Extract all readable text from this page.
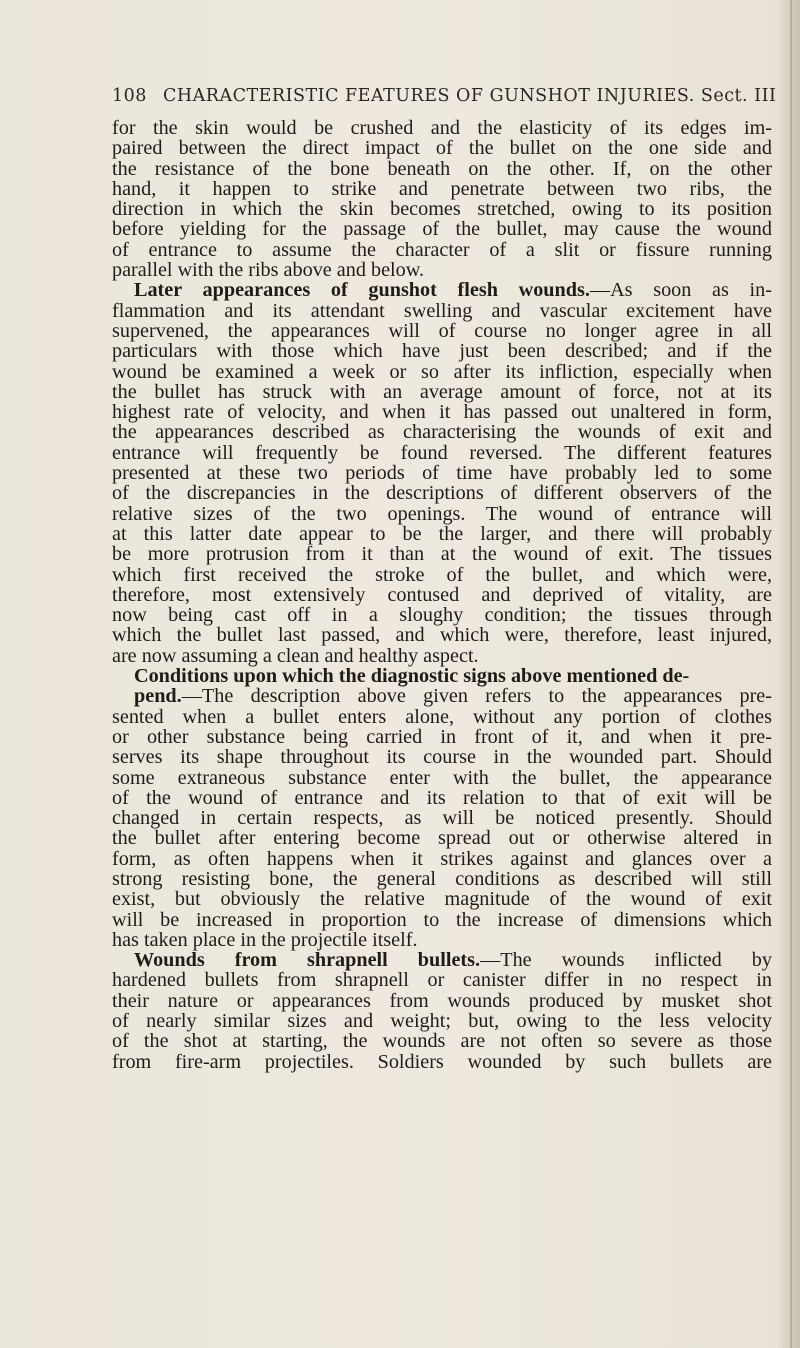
108 CHARACTERISTIC FEATURES OF GUNSHOT INJURIES. Sect. III
for the skin would be crushed and the elasticity of its edges im-
paired between the direct impact of the bullet on the one side and
the resistance of the bone beneath on the other. If, on the other
hand, it happen to strike and penetrate between two ribs, the
direction in which the skin becomes stretched, owing to its position
before yielding for the passage of the bullet, may cause the wound
of entrance to assume the character of a slit or fissure running
parallel with the ribs above and below.
Later appearances of gunshot flesh wounds.—As soon as in-
flammation and its attendant swelling and vascular excitement have
supervened, the appearances will of course no longer agree in all
particulars with those which have just been described; and if the
wound be examined a week or so after its infliction, especially when
the bullet has struck with an average amount of force, not at its
highest rate of velocity, and when it has passed out unaltered in form,
the appearances described as characterising the wounds of exit and
entrance will frequently be found reversed. The different features
presented at these two periods of time have probably led to some
of the discrepancies in the descriptions of different observers of the
relative sizes of the two openings. The wound of entrance will
at this latter date appear to be the larger, and there will probably
be more protrusion from it than at the wound of exit. The tissues
which first received the stroke of the bullet, and which were,
therefore, most extensively contused and deprived of vitality, are
now being cast off in a sloughy condition; the tissues through
which the bullet last passed, and which were, therefore, least injured,
are now assuming a clean and healthy aspect.
Conditions upon which the diagnostic signs above mentioned de-
pend.—The description above given refers to the appearances pre-
sented when a bullet enters alone, without any portion of clothes
or other substance being carried in front of it, and when it pre-
serves its shape throughout its course in the wounded part. Should
some extraneous substance enter with the bullet, the appearance
of the wound of entrance and its relation to that of exit will be
changed in certain respects, as will be noticed presently. Should
the bullet after entering become spread out or otherwise altered in
form, as often happens when it strikes against and glances over a
strong resisting bone, the general conditions as described will still
exist, but obviously the relative magnitude of the wound of exit
will be increased in proportion to the increase of dimensions which
has taken place in the projectile itself.
Wounds from shrapnell bullets.—The wounds inflicted by
hardened bullets from shrapnell or canister differ in no respect in
their nature or appearances from wounds produced by musket shot
of nearly similar sizes and weight; but, owing to the less velocity
of the shot at starting, the wounds are not often so severe as those
from fire-arm projectiles. Soldiers wounded by such bullets are
